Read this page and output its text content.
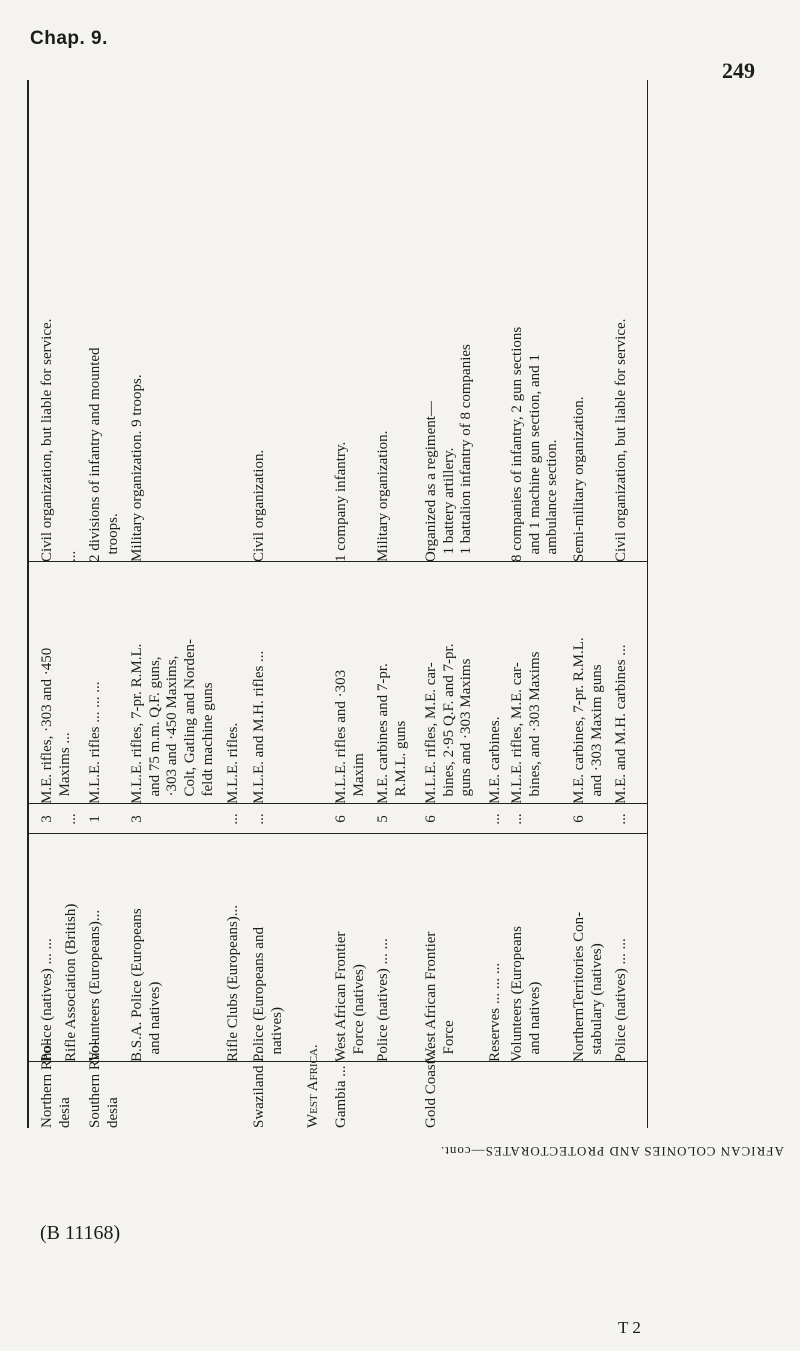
Chap. 9.
249
Northern Rho-
desia
Police (natives) ... ...
3
M.E. rifles, ·303 and ·450
Maxims ...
Civil organization, but liable for service.
Rifle Association (British)
...
...
Southern Rho-
desia
Volunteers (Europeans)...
1
M.L.E. rifles ... ... ...
2 divisions of infantry and mounted
troops.
B.S.A. Police (Europeans
and natives)
3
M.L.E. rifles, 7-pr. R.M.L.
and 75 m.m. Q.F. guns,
·303 and ·450 Maxims,
Colt, Gatling and Norden-
feldt machine guns
Military organization. 9 troops.
Rifle Clubs (Europeans)...
...
M.L.E. rifles.
Swaziland ...
Police (Europeans and
natives)
...
M.L.E. and M.H. rifles ...
Civil organization.
West Africa. Gambia ...
West African Frontier
Force (natives)
6
M.L.E. rifles and ·303
Maxim
1 company infantry.
Police (natives) ... ...
5
M.E. carbines and 7-pr.
R.M.L. guns
Military organization.
Gold Coast ...
West African Frontier
Force
6
M.L.E. rifles, M.E. car-
bines, 2·95 Q.F. and 7-pr.
guns and ·303 Maxims
Organized as a regiment—
1 battery artillery.
1 battalion infantry of 8 companies
Reserves ... ... ...
...
M.E. carbines.
Volunteers (Europeans
and natives)
...
M.L.E. rifles, M.E. car-
bines, and ·303 Maxims
8 companies of infantry, 2 gun sections
and 1 machine gun section, and 1
ambulance section.
NorthernTerritories Con-
stabulary (natives)
6
M.E. carbines, 7-pr. R.M.L.
and ·303 Maxim guns
Semi-military organization.
Police (natives) ... ...
...
M.E. and M.H. carbines ...
Civil organization, but liable for service.
AFRICAN COLONIES AND PROTECTORATES—cont.
(B 11168)
T 2
